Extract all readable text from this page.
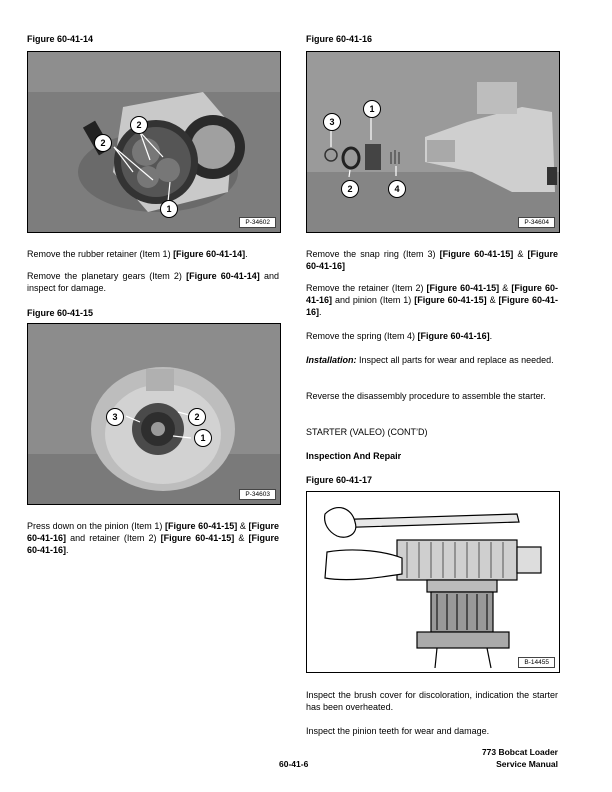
Figure 60-41-14
2
2
1
P-34602

Remove the rubber retainer (Item 1) [Figure 60-41-14].

Remove the planetary gears (Item 2) [Figure 60-41-14] and inspect for damage.

Figure 60-41-15
3	2
1
P-34603

Press down on the pinion (Item 1) [Figure 60-41-15] & [Figure 60-41-16] and retainer (Item 2) [Figure 60-41-15] & [Figure 60-41-16].

Figure 60-41-16
3
1
2	4
P-34604

Remove the snap ring (Item 3) [Figure 60-41-15] & [Figure 60-41-16]

Remove the retainer (Item 2) [Figure 60-41-15] & [Figure 60-41-16] and pinion (Item 1) [Figure 60-41-15] & [Figure 60-41-16].

Remove the spring (Item 4) [Figure 60-41-16].

Installation: Inspect all parts for wear and replace as needed.

Reverse the disassembly procedure to assemble the starter.

STARTER (VALEO) (CONT’D)

Inspection And Repair

Figure 60-41-17
B-14455

Inspect the brush cover for discoloration, indication the starter has been overheated.

Inspect the pinion teeth for wear and damage.

60-41-6
773 Bobcat Loader
Service Manual
